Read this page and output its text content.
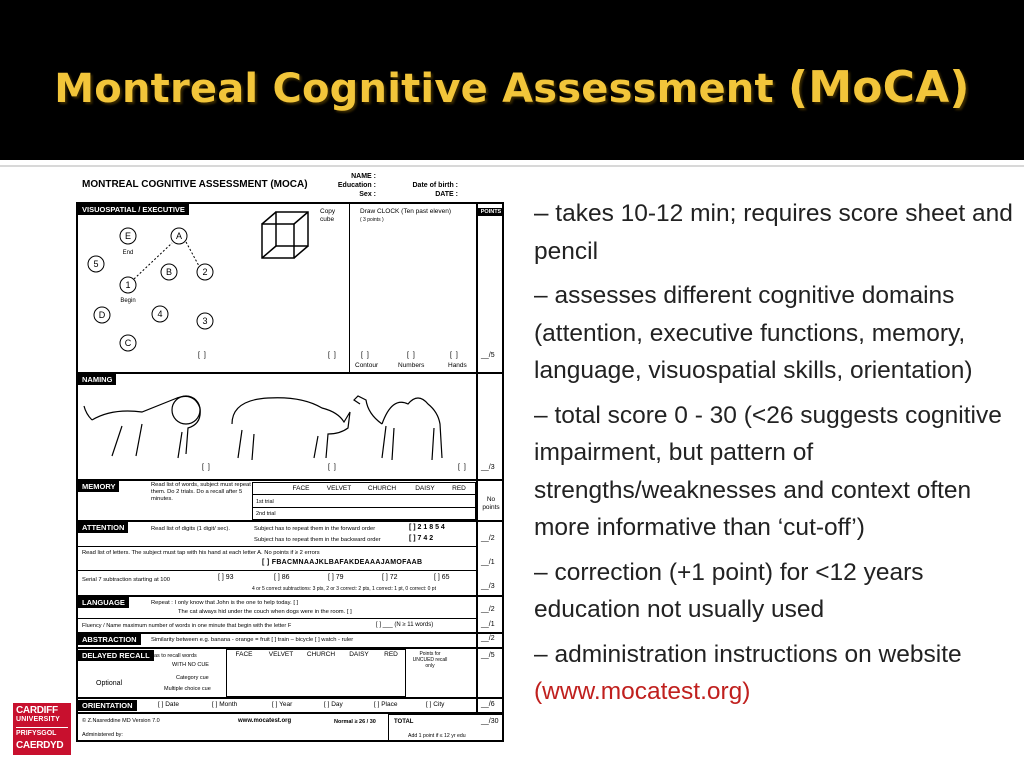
Montreal Cognitive Assessment (MoCA)
MONTREAL COGNITIVE ASSESSMENT (MOCA)
NAME :
Education :
Sex :
Date of birth :
DATE :
POINTS
VISUOSPATIAL / EXECUTIVE
E	A
5
B	2
1
D	4
3
C
End
Begin
Copy cube
Draw CLOCK (Ten past eleven)
( 3 points )
[  ]	[  ]	[  ]	[  ]	[  ]
Contour	Numbers	Hands
__/5
NAMING
[  ]	[  ]	[  ] __/3
MEMORY	Read list of words, subject must repeat them. Do 2 trials. Do a recall after 5 minutes.
FACE	VELVET	CHURCH	DAISY	RED
1st trial
2nd trial
No points
ATTENTION	Read list of digits (1 digit/ sec).	Subject has to repeat them in the forward order	[ ] 2 1 8 5 4
Subject has to repeat them in the backward order	[ ] 7 4 2	__/2
Read list of letters. The subject must tap with his hand at each letter A. No points if ≥ 2 errors
[ ] FBACMNAAJKLBAFAKDEAAAJAMOFAAB	__/1
Serial 7 subtraction starting at 100	[ ] 93	[ ] 86	[ ] 79	[ ] 72	[ ] 65
4 or 5 correct subtractions: 3 pts, 2 or 3 correct: 2 pts, 1 correct: 1 pt, 0 correct: 0 pt	__/3
LANGUAGE	Repeat : I only know that John is the one to help today. [ ]
The cat always hid under the couch when dogs were in the room. [ ]	__/2
Fluency / Name maximum number of words in one minute that begin with the letter F	[ ] ___ (N ≥ 11 words)	__/1
ABSTRACTION	Similarity between e.g. banana - orange = fruit [ ] train – bicycle [ ] watch - ruler	__/2
DELAYED RECALL Has to recall words
WITH NO CUE
FACE	VELVET	CHURCH	DAISY	RED	Points for UNCUED recall only
Optional
Category cue
Multiple choice cue
__/5
ORIENTATION	[ ] Date	[ ] Month	[ ] Year	[ ] Day	[ ] Place	[ ] City	__/6
© Z.Nasreddine MD Version 7.0	www.mocatest.org	Normal ≥ 26 / 30	TOTAL	__/30
Administered by:	Add 1 point if ≤ 12 yr edu
– takes 10-12 min; requires score sheet and pencil
– assesses different cognitive domains (attention, executive functions, memory, language, visuospatial skills, orientation)
– total score 0 - 30 (<26 suggests cognitive impairment, but pattern of strengths/weaknesses and context often more informative than ‘cut-off’)
– correction (+1 point) for <12 years education not usually used
– administration instructions on website (www.mocatest.org)
CARDIFF
UNIVERSITY
PRIFYSGOL
CAERDYD
